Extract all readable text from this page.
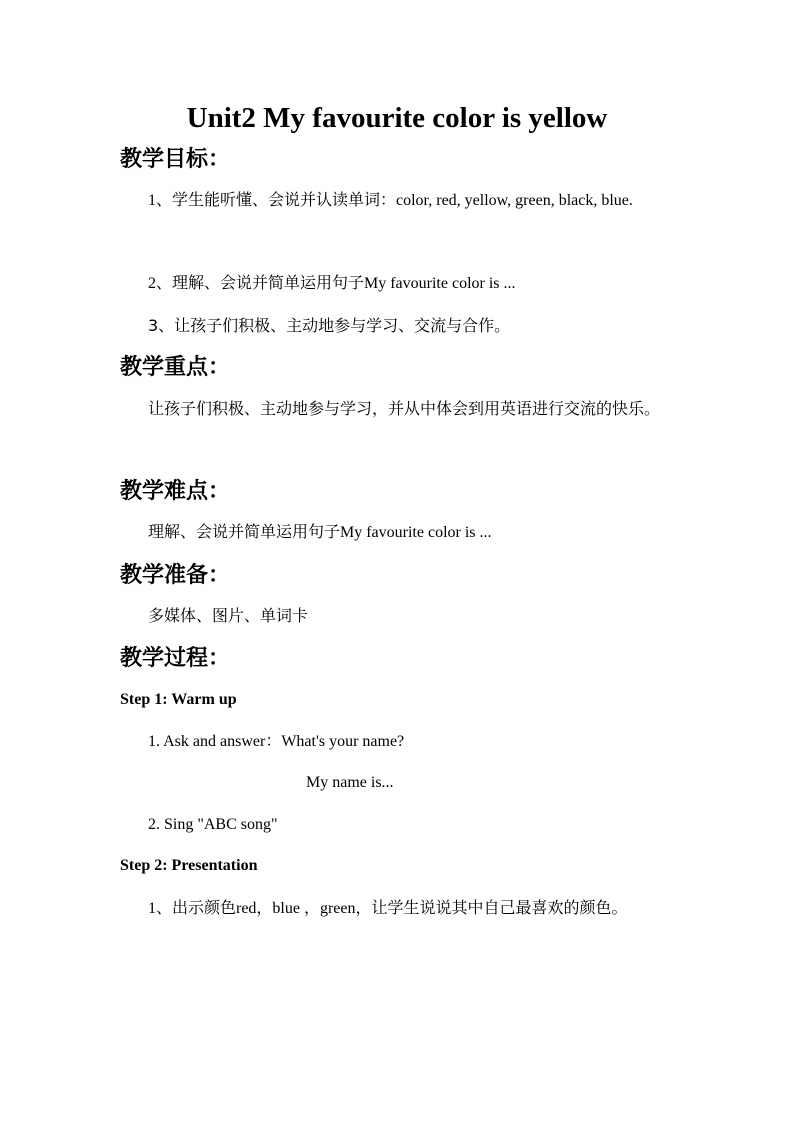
Unit2 My favourite color is yellow
教学目标：
1、学生能听懂、会说并认读单词：color, red, yellow, green, black, blue.
2、理解、会说并简单运用句子My favourite color is ...
3、让孩子们积极、主动地参与学习、交流与合作。
教学重点：
让孩子们积极、主动地参与学习，并从中体会到用英语进行交流的快乐。
教学难点：
理解、会说并简单运用句子My favourite color is ...
教学准备：
多媒体、图片、单词卡
教学过程：
Step 1: Warm up
1. Ask and answer：What's your name?
My name is...
2. Sing "ABC song"
Step 2: Presentation
1、出示颜色red，blue ，green，让学生说说其中自己最喜欢的颜色。
